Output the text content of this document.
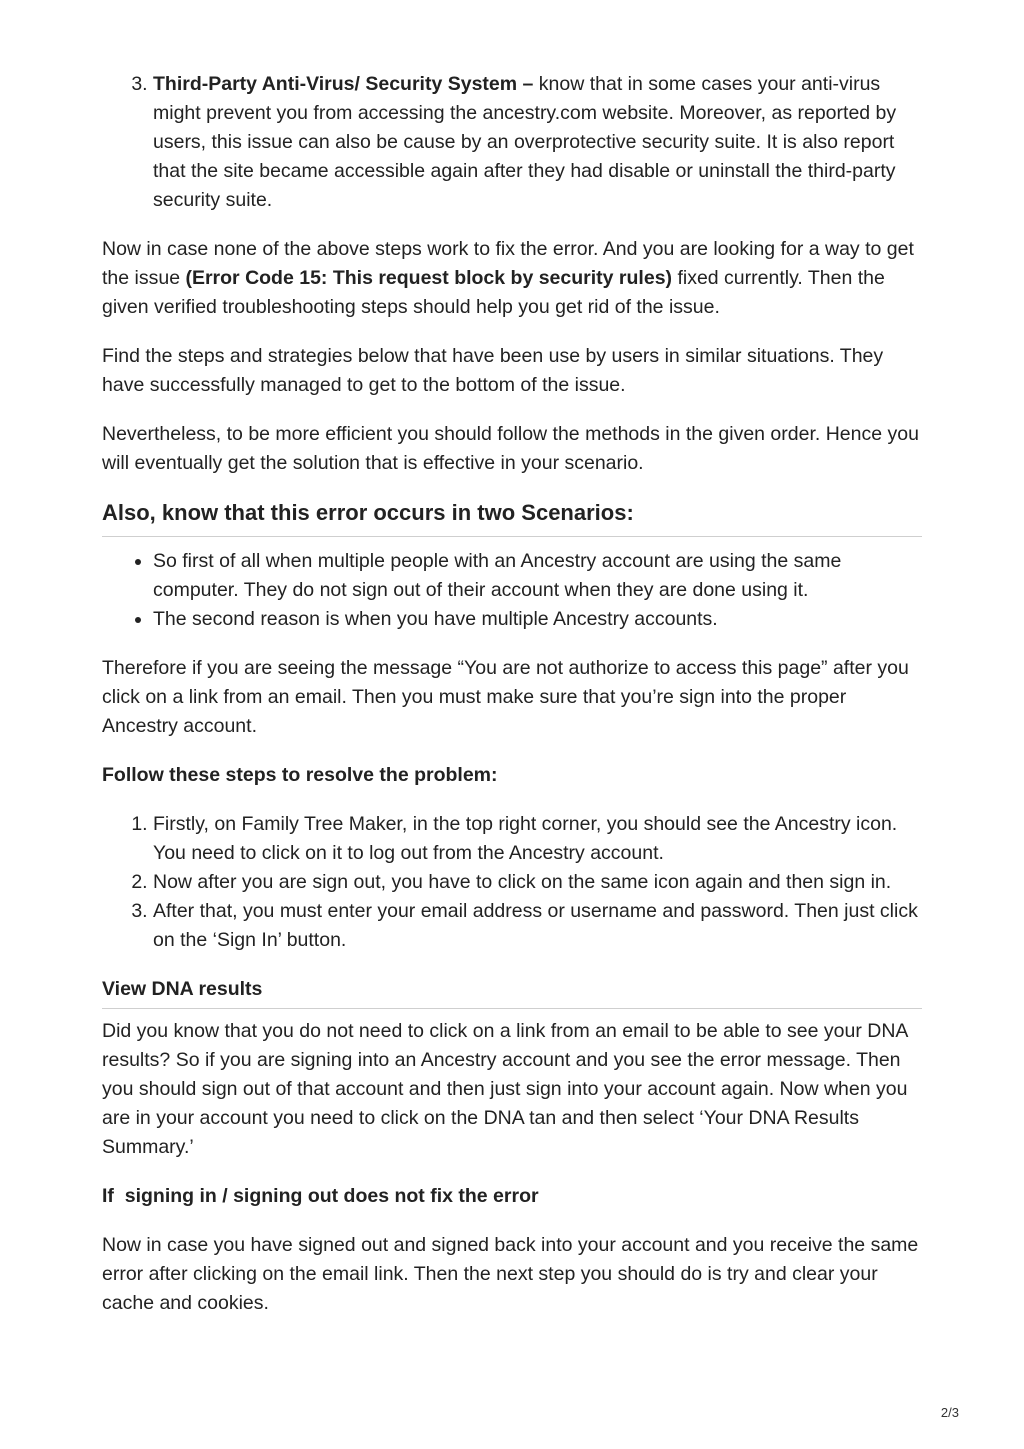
3. Third-Party Anti-Virus/ Security System – know that in some cases your anti-virus might prevent you from accessing the ancestry.com website. Moreover, as reported by users, this issue can also be cause by an overprotective security suite. It is also report that the site became accessible again after they had disable or uninstall the third-party security suite.

Now in case none of the above steps work to fix the error. And you are looking for a way to get the issue (Error Code 15: This request block by security rules) fixed currently. Then the given verified troubleshooting steps should help you get rid of the issue.

Find the steps and strategies below that have been use by users in similar situations. They have successfully managed to get to the bottom of the issue.

Nevertheless, to be more efficient you should follow the methods in the given order. Hence you will eventually get the solution that is effective in your scenario.

Also, know that this error occurs in two Scenarios:
• So first of all when multiple people with an Ancestry account are using the same computer. They do not sign out of their account when they are done using it.
• The second reason is when you have multiple Ancestry accounts.

Therefore if you are seeing the message “You are not authorize to access this page” after you click on a link from an email. Then you must make sure that you’re sign into the proper Ancestry account.

Follow these steps to resolve the problem:
1. Firstly, on Family Tree Maker, in the top right corner, you should see the Ancestry icon. You need to click on it to log out from the Ancestry account.
2. Now after you are sign out, you have to click on the same icon again and then sign in.
3. After that, you must enter your email address or username and password. Then just click on the ‘Sign In’ button.
View DNA results

Did you know that you do not need to click on a link from an email to be able to see your DNA results? So if you are signing into an Ancestry account and you see the error message. Then you should sign out of that account and then just sign into your account again. Now when you are in your account you need to click on the DNA tan and then select ‘Your DNA Results Summary.’

If  signing in / signing out does not fix the error

Now in case you have signed out and signed back into your account and you receive the same error after clicking on the email link. Then the next step you should do is try and clear your cache and cookies.

2/3
